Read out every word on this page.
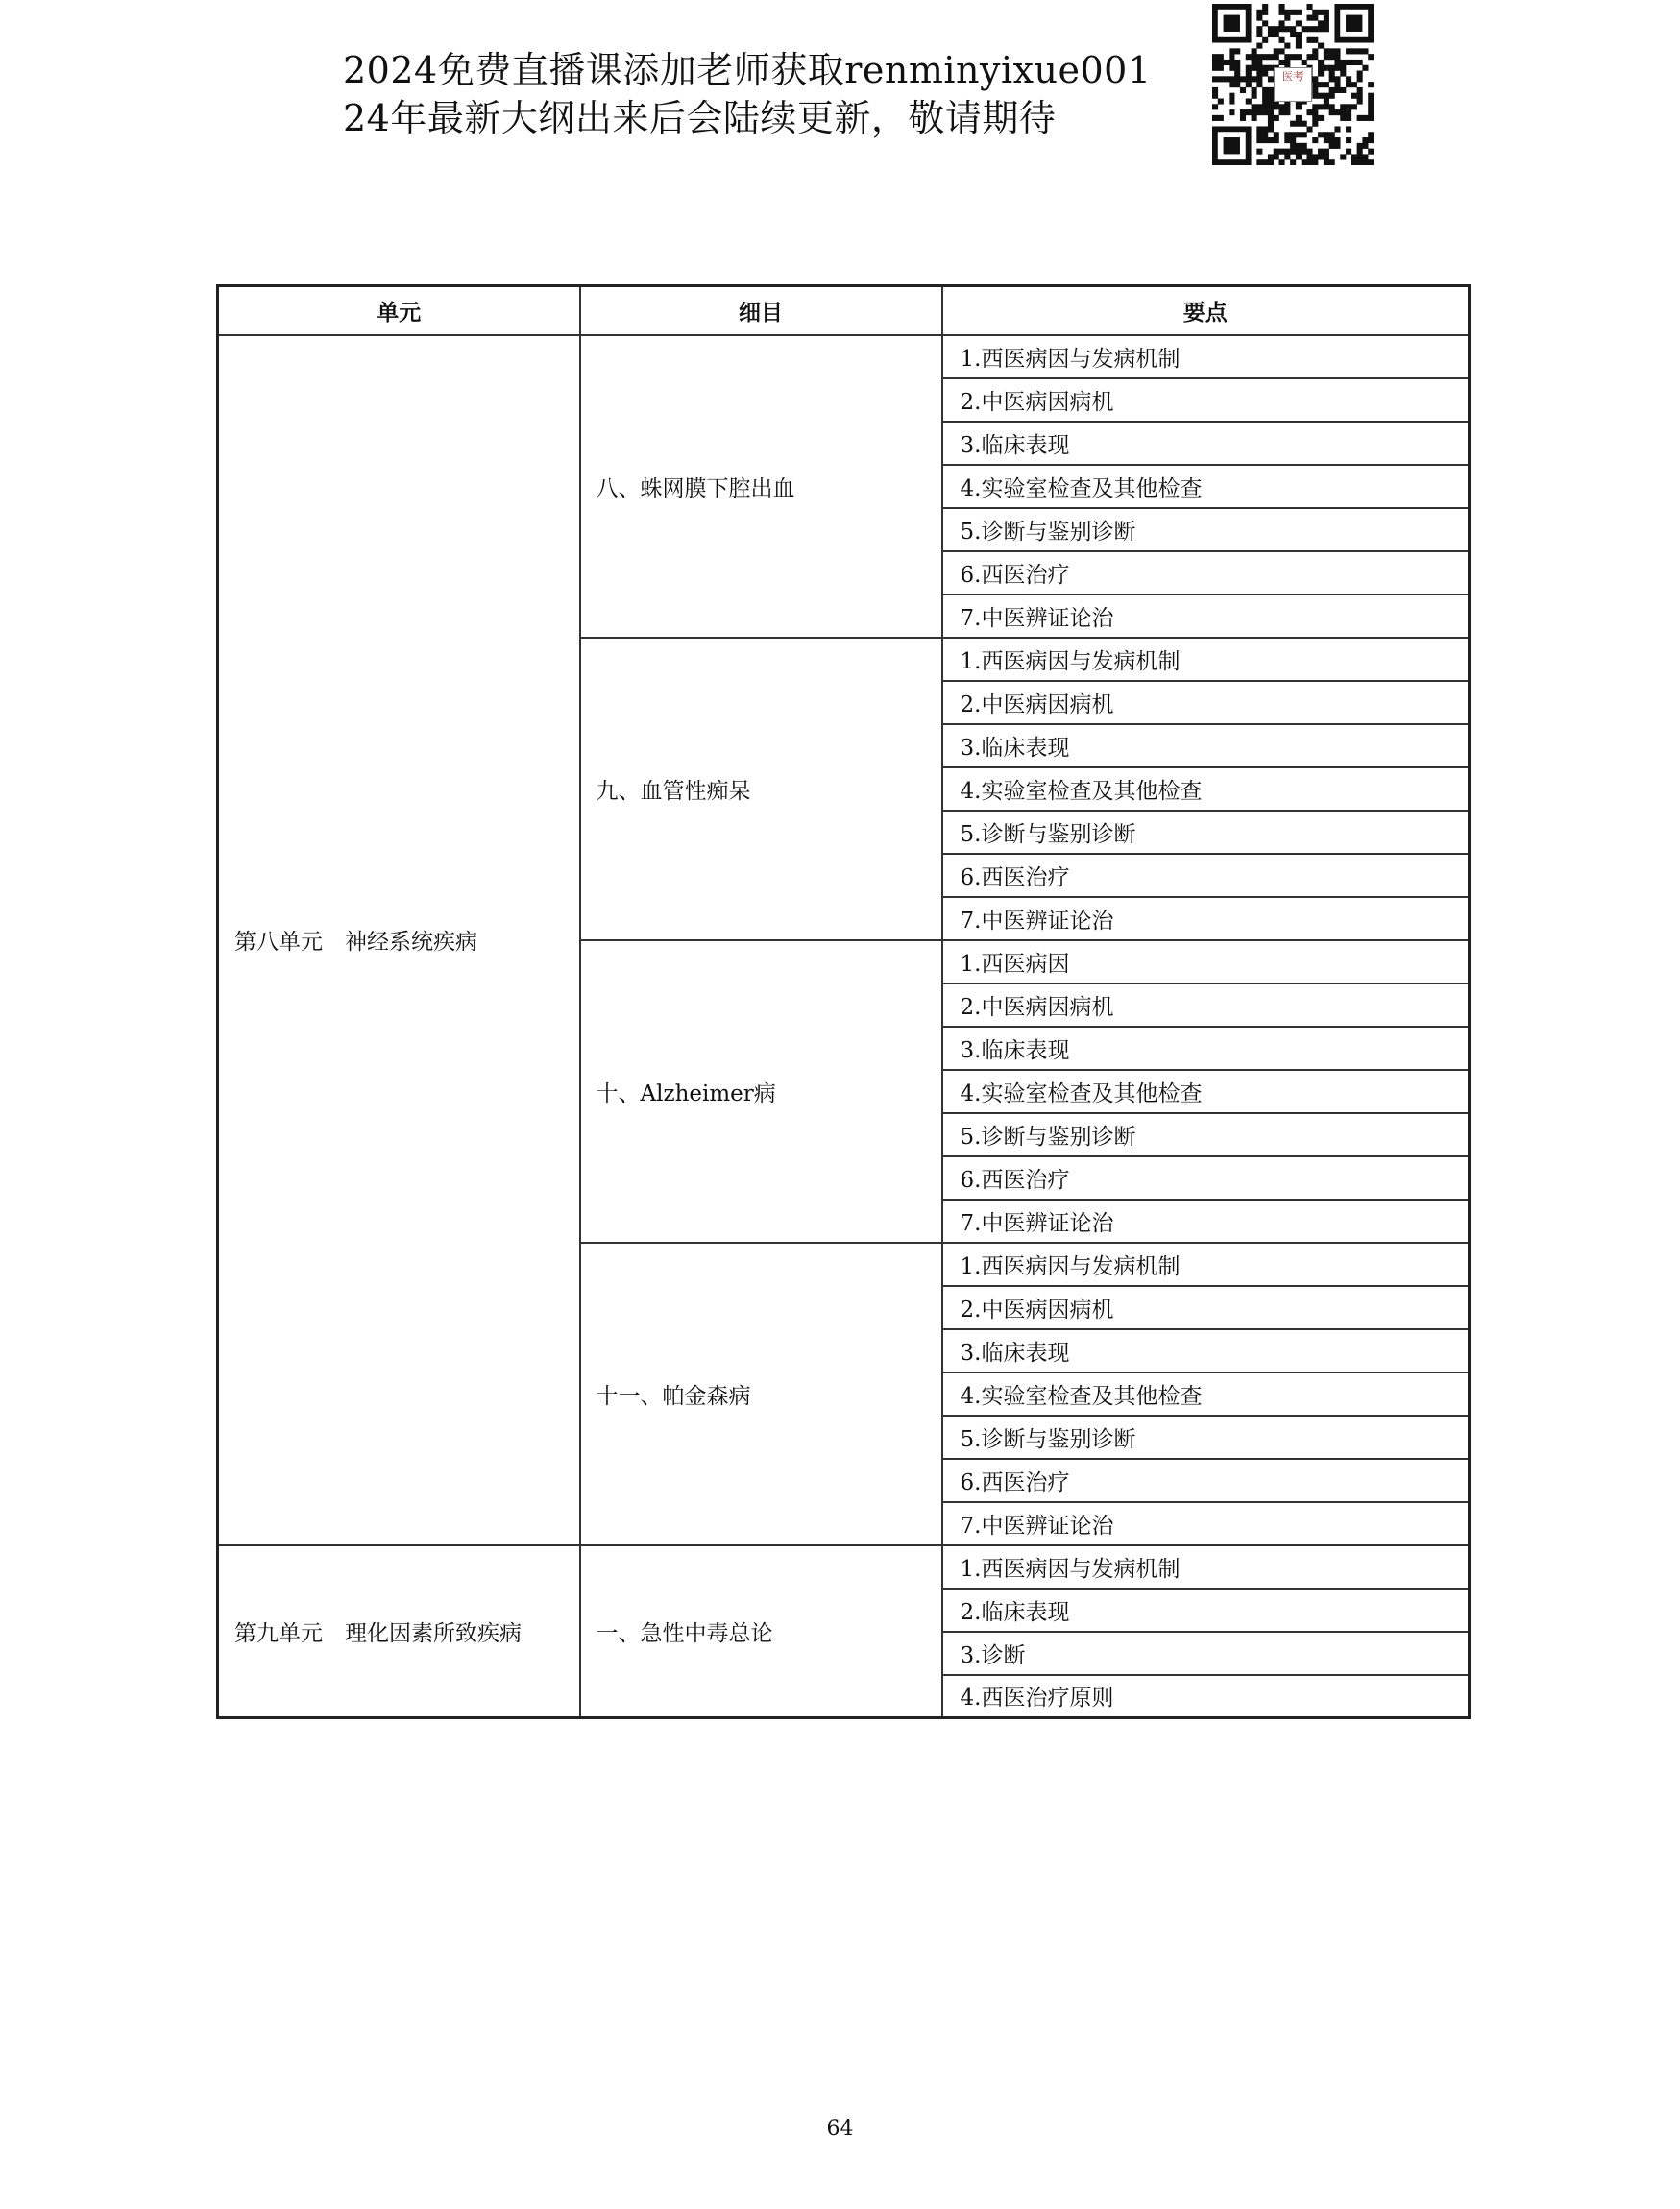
2024免费直播课添加老师获取renminyixue001
24年最新大纲出来后会陆续更新，敬请期待
医考
单元	细目	要点
第八单元　神经系统疾病	八、蛛网膜下腔出血	1.西医病因与发病机制
		2.中医病因病机
		3.临床表现
		4.实验室检查及其他检查
		5.诊断与鉴别诊断
		6.西医治疗
		7.中医辨证论治
	九、血管性痴呆	1.西医病因与发病机制
		2.中医病因病机
		3.临床表现
		4.实验室检查及其他检查
		5.诊断与鉴别诊断
		6.西医治疗
		7.中医辨证论治
	十、Alzheimer病	1.西医病因
		2.中医病因病机
		3.临床表现
		4.实验室检查及其他检查
		5.诊断与鉴别诊断
		6.西医治疗
		7.中医辨证论治
	十一、帕金森病	1.西医病因与发病机制
		2.中医病因病机
		3.临床表现
		4.实验室检查及其他检查
		5.诊断与鉴别诊断
		6.西医治疗
		7.中医辨证论治
第九单元　理化因素所致疾病	一、急性中毒总论	1.西医病因与发病机制
		2.临床表现
		3.诊断
		4.西医治疗原则
64
